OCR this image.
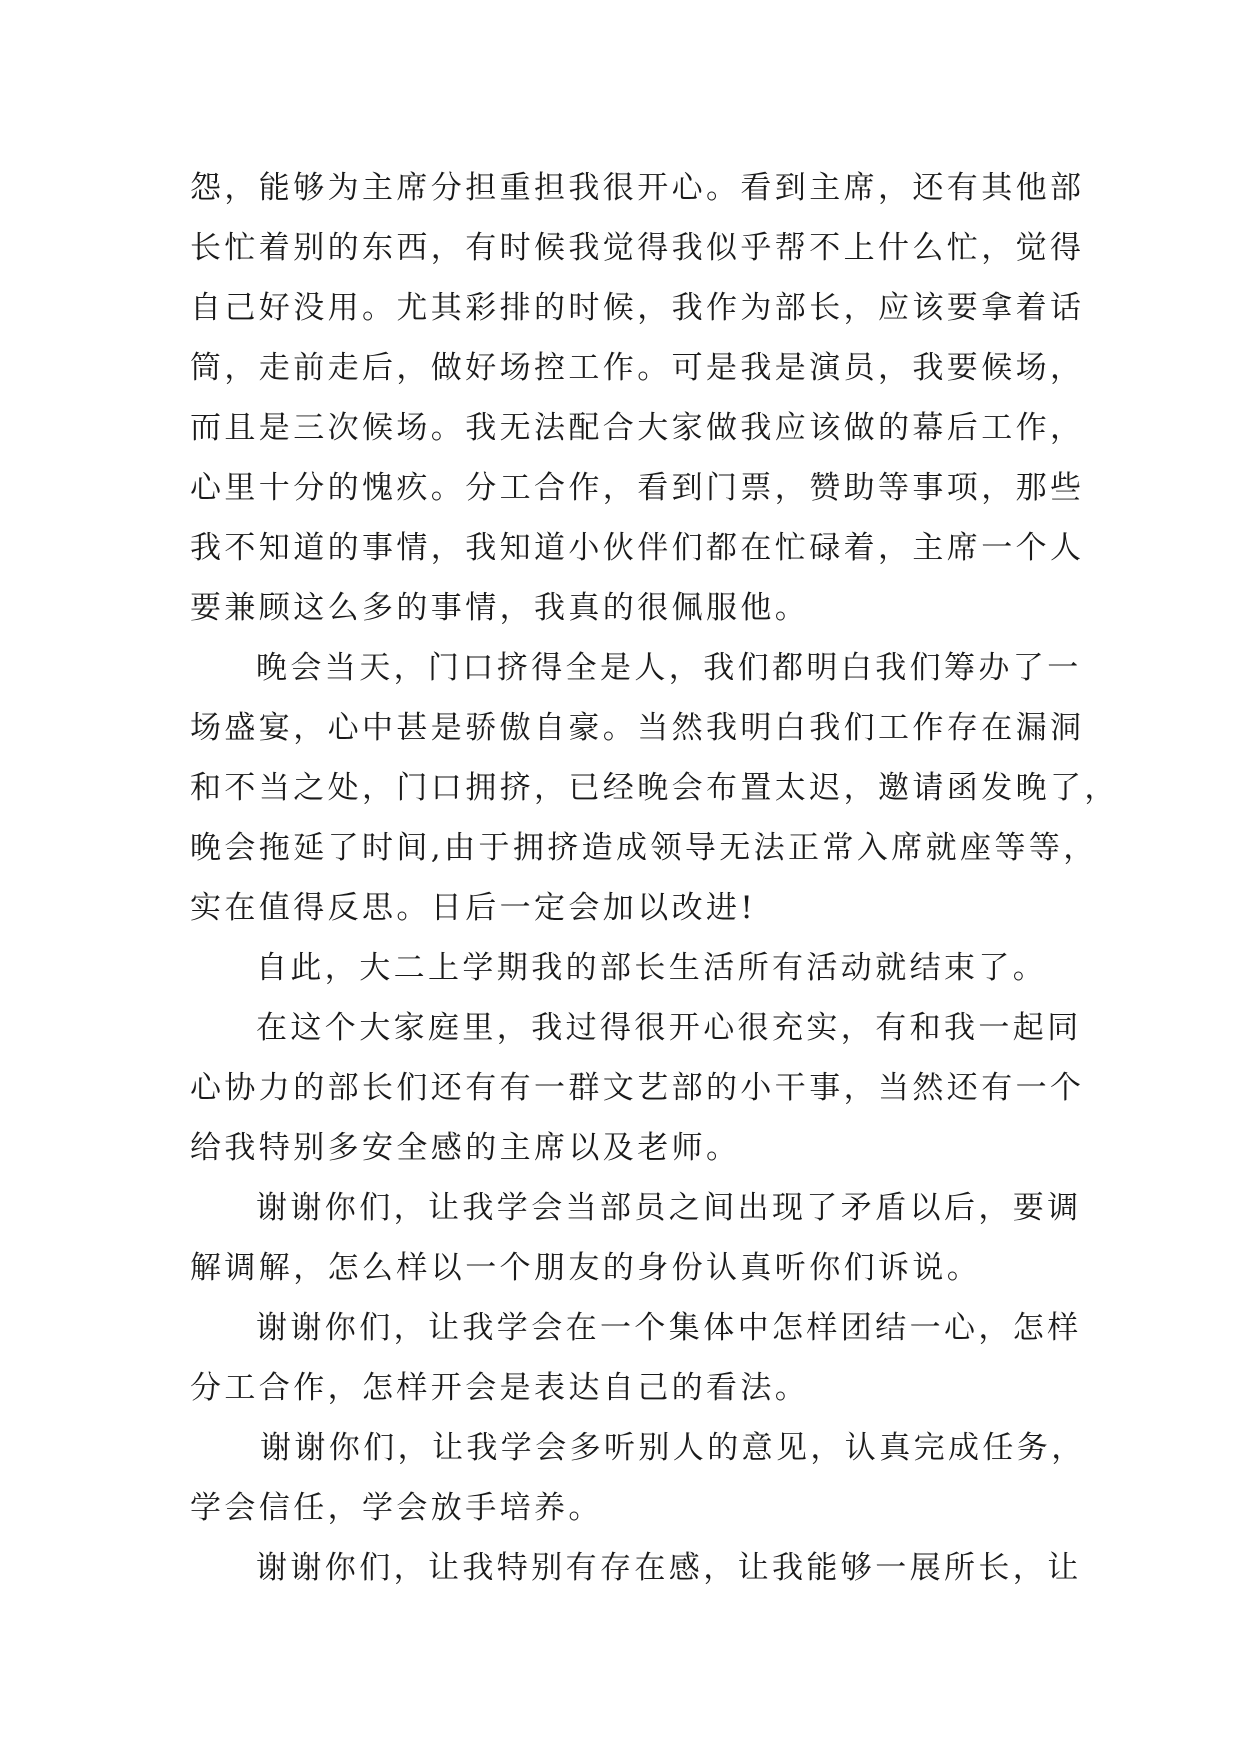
怨，能够为主席分担重担我很开心。看到主席，还有其他部
长忙着别的东西，有时候我觉得我似乎帮不上什么忙，觉得
自己好没用。尤其彩排的时候，我作为部长，应该要拿着话
筒，走前走后，做好场控工作。可是我是演员，我要候场，
而且是三次候场。我无法配合大家做我应该做的幕后工作，
心里十分的愧疚。分工合作，看到门票，赞助等事项，那些
我不知道的事情，我知道小伙伴们都在忙碌着，主席一个人
要兼顾这么多的事情，我真的很佩服他。
晚会当天，门口挤得全是人，我们都明白我们筹办了一
场盛宴，心中甚是骄傲自豪。当然我明白我们工作存在漏洞
和不当之处，门口拥挤，已经晚会布置太迟，邀请函发晚了，
晚会拖延了时间,由于拥挤造成领导无法正常入席就座等等，
实在值得反思。日后一定会加以改进!
自此，大二上学期我的部长生活所有活动就结束了。
在这个大家庭里，我过得很开心很充实，有和我一起同
心协力的部长们还有有一群文艺部的小干事，当然还有一个
给我特别多安全感的主席以及老师。
谢谢你们，让我学会当部员之间出现了矛盾以后，要调
解调解，怎么样以一个朋友的身份认真听你们诉说。
谢谢你们，让我学会在一个集体中怎样团结一心，怎样
分工合作，怎样开会是表达自己的看法。
谢谢你们，让我学会多听别人的意见，认真完成任务，
学会信任，学会放手培养。
谢谢你们，让我特别有存在感，让我能够一展所长，让
